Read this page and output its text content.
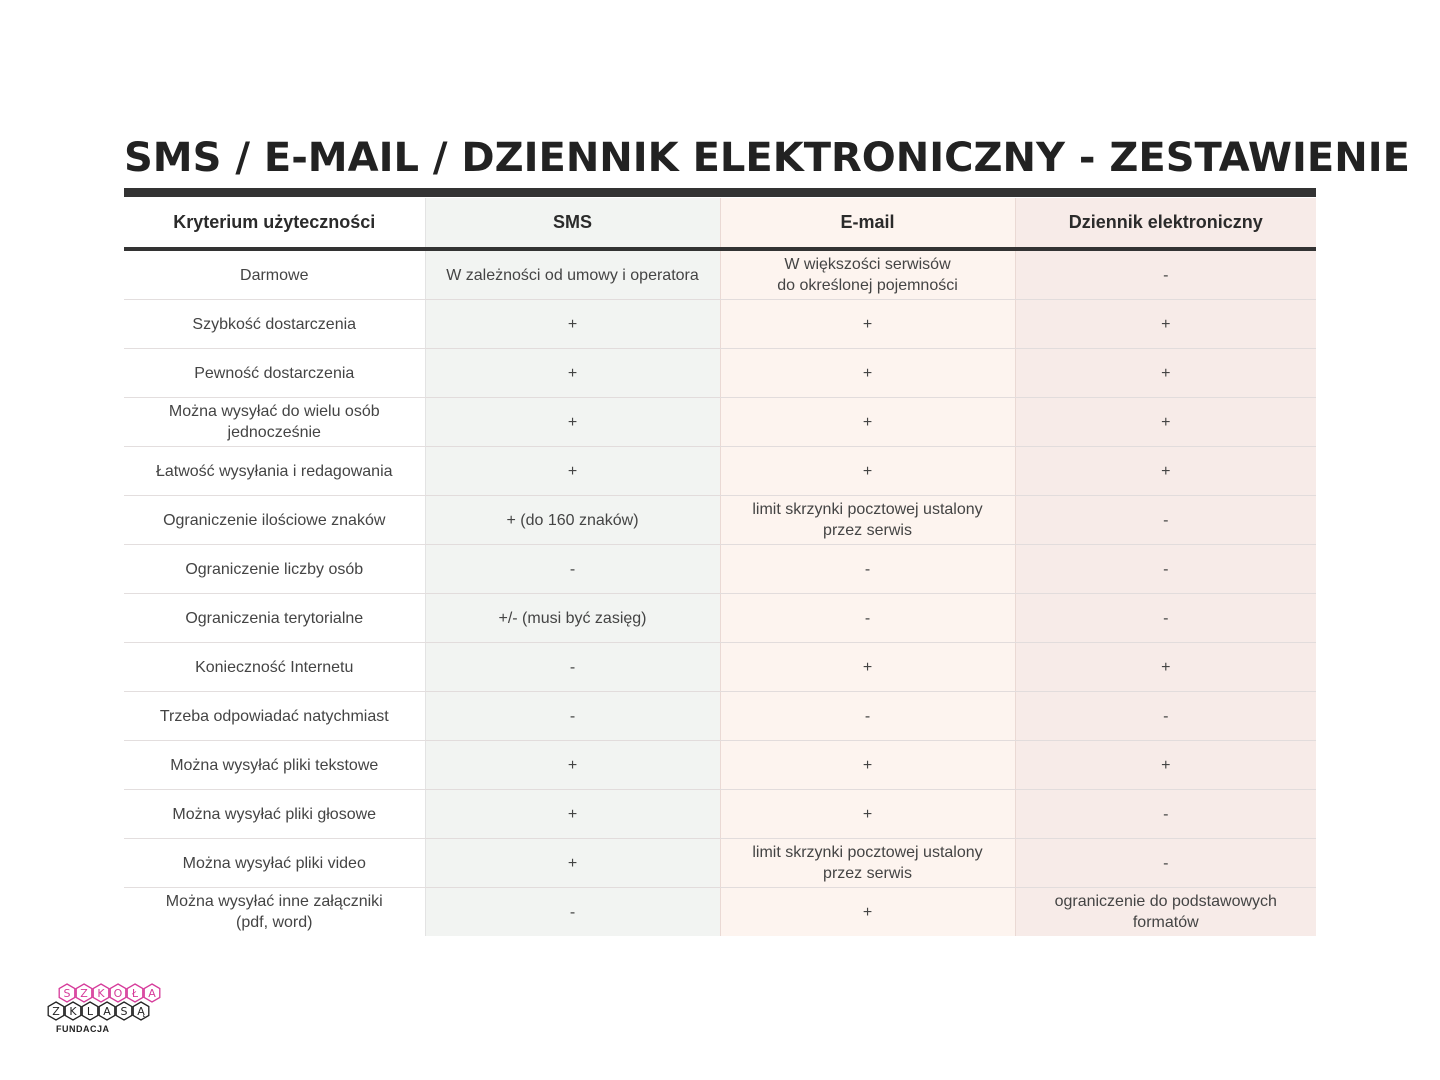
SMS / E-MAIL / DZIENNIK ELEKTRONICZNY - ZESTAWIENIE
Kryterium użyteczności	SMS	E-mail	Dziennik elektroniczny
Darmowe	W zależności od umowy i operatora	W większości serwisów
do określonej pojemności	-
Szybkość dostarczenia	+	+	+
Pewność dostarczenia	+	+	+
Można wysyłać do wielu osób
jednocześnie	+	+	+
Łatwość wysyłania i redagowania	+	+	+
Ograniczenie ilościowe znaków	+ (do 160 znaków)	limit skrzynki pocztowej ustalony
przez serwis	-
Ograniczenie liczby osób	-	-	-
Ograniczenia terytorialne	+/- (musi być zasięg)	-	-
Konieczność Internetu	-	+	+
Trzeba odpowiadać natychmiast	-	-	-
Można wysyłać pliki tekstowe	+	+	+
Można wysyłać pliki głosowe	+	+	-
Można wysyłać pliki video	+	limit skrzynki pocztowej ustalony
przez serwis	-
Można wysyłać inne załączniki
(pdf, word)	-	+	ograniczenie do podstawowych
formatów
S Z K O Ł A
Z K L A S Ą
FUNDACJA
